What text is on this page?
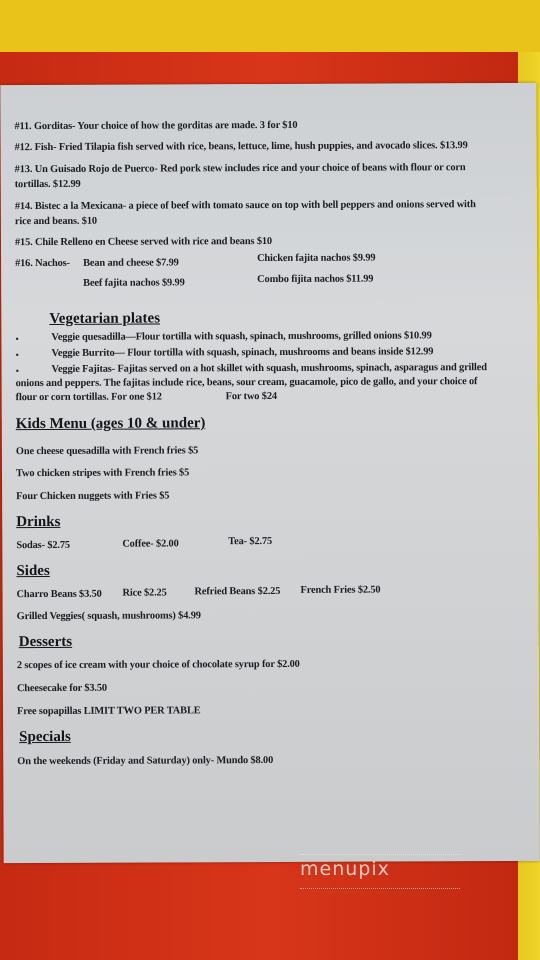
#11. Gorditas- Your choice of how the gorditas are made. 3 for $10
#12. Fish- Fried Tilapia fish served with rice, beans, lettuce, lime, hush puppies, and avocado slices. $13.99
#13. Un Guisado Rojo de Puerco- Red pork stew includes rice and your choice of beans with flour or corn
tortillas. $12.99
#14. Bistec a la Mexicana- a piece of beef with tomato sauce on top with bell peppers and onions served with
rice and beans. $10
#15. Chile Relleno en Cheese served with rice and beans $10
#16. Nachos- Bean and cheese $7.99	Chicken fajita nachos $9.99
Beef fajita nachos $9.99	Combo fijita nachos $11.99
Vegetarian plates
•	Veggie quesadilla—Flour tortilla with squash, spinach, mushrooms, grilled onions $10.99
•	Veggie Burrito— Flour tortilla with squash, spinach, mushrooms and beans inside $12.99
•	Veggie Fajitas- Fajitas served on a hot skillet with squash, mushrooms, spinach, asparagus and grilled
onions and peppers. The fajitas include rice, beans, sour cream, guacamole, pico de gallo, and your choice of
flour or corn tortillas. For one $12	For two $24
Kids Menu (ages 10 & under)
One cheese quesadilla with French fries $5
Two chicken stripes with French fries $5
Four Chicken nuggets with Fries $5
Drinks
Sodas- $2.75	Coffee- $2.00	Tea- $2.75
Sides
Charro Beans $3.50 Rice $2.25	Refried Beans $2.25 French Fries $2.50
Grilled Veggies( squash, mushrooms) $4.99
Desserts
2 scopes of ice cream with your choice of chocolate syrup for $2.00
Cheesecake for $3.50
Free sopapillas LIMIT TWO PER TABLE
Specials
On the weekends (Friday and Saturday) only- Mundo $8.00
menupix
